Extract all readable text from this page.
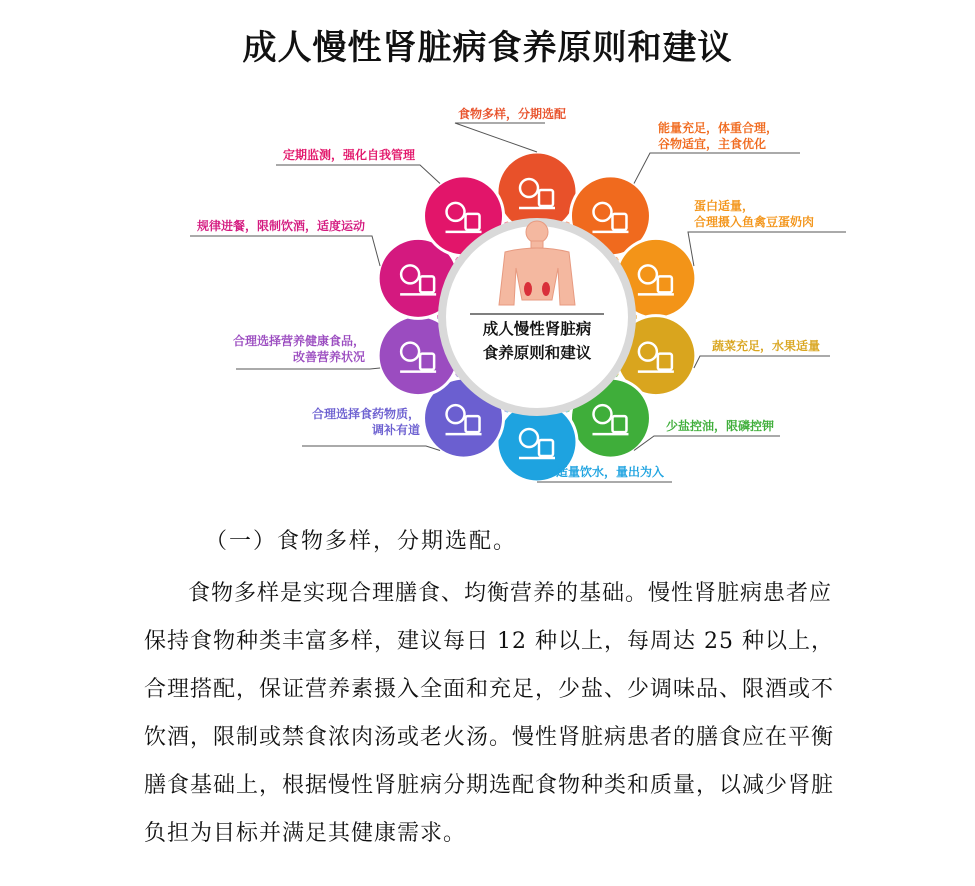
成人慢性肾脏病食养原则和建议
食物多样，分期选配
能量充足，体重合理，
谷物适宜，主食优化
蛋白适量，
合理摄入鱼禽豆蛋奶肉
蔬菜充足，水果适量
少盐控油，限磷控钾
适量饮水，量出为入
合理选择食药物质，
调补有道
合理选择营养健康食品，
改善营养状况
规律进餐，限制饮酒，适度运动
定期监测，强化自我管理
成人慢性肾脏病
食养原则和建议
（一）食物多样，分期选配。

食物多样是实现合理膳食、均衡营养的基础。慢性肾脏病患者应保持食物种类丰富多样，建议每日 12 种以上，每周达 25 种以上，合理搭配，保证营养素摄入全面和充足，少盐、少调味品、限酒或不饮酒，限制或禁食浓肉汤或老火汤。慢性肾脏病患者的膳食应在平衡膳食基础上，根据慢性肾脏病分期选配食物种类和质量，以减少肾脏负担为目标并满足其健康需求。
